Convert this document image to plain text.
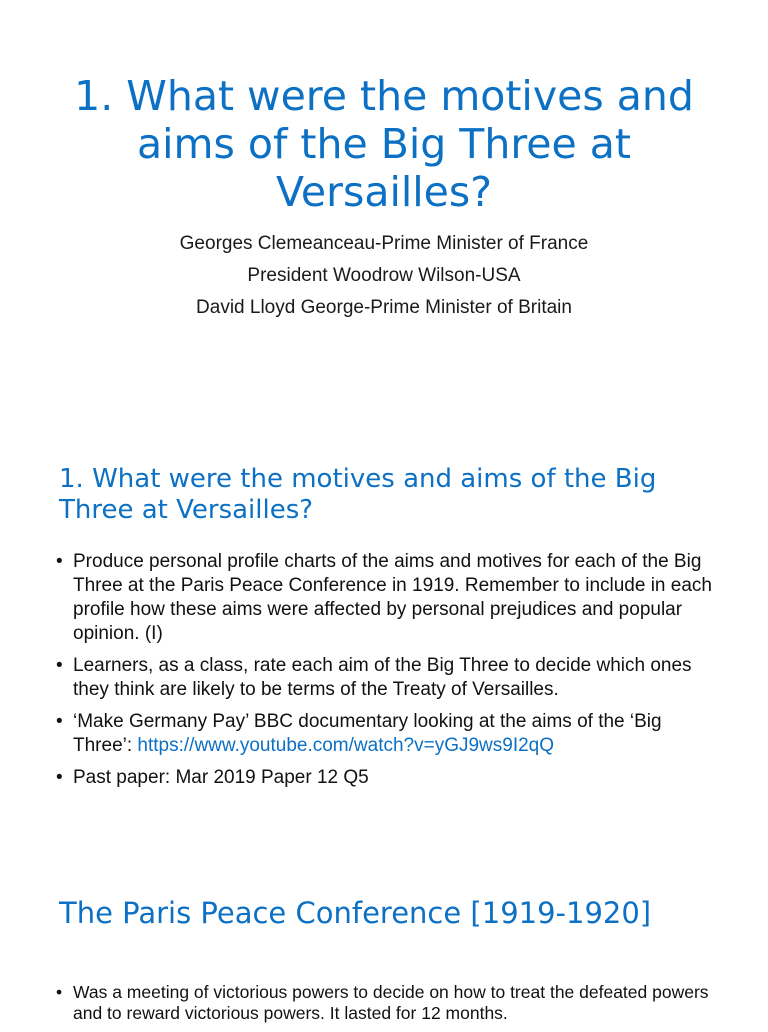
1. What were the motives and aims of the Big Three at Versailles?
Georges Clemeanceau-Prime Minister of France
President Woodrow Wilson-USA
David Lloyd George-Prime Minister of Britain
1. What were the motives and aims of the Big Three at Versailles?
• Produce personal profile charts of the aims and motives for each of the Big Three at the Paris Peace Conference in 1919. Remember to include in each profile how these aims were affected by personal prejudices and popular opinion. (I)
• Learners, as a class, rate each aim of the Big Three to decide which ones they think are likely to be terms of the Treaty of Versailles.
• ‘Make Germany Pay’ BBC documentary looking at the aims of the ‘Big Three’: https://www.youtube.com/watch?v=yGJ9ws9I2qQ
• Past paper: Mar 2019 Paper 12 Q5
The Paris Peace Conference [1919-1920]
• Was a meeting of victorious powers to decide on how to treat the defeated powers and to reward victorious powers. It lasted for 12 months.
